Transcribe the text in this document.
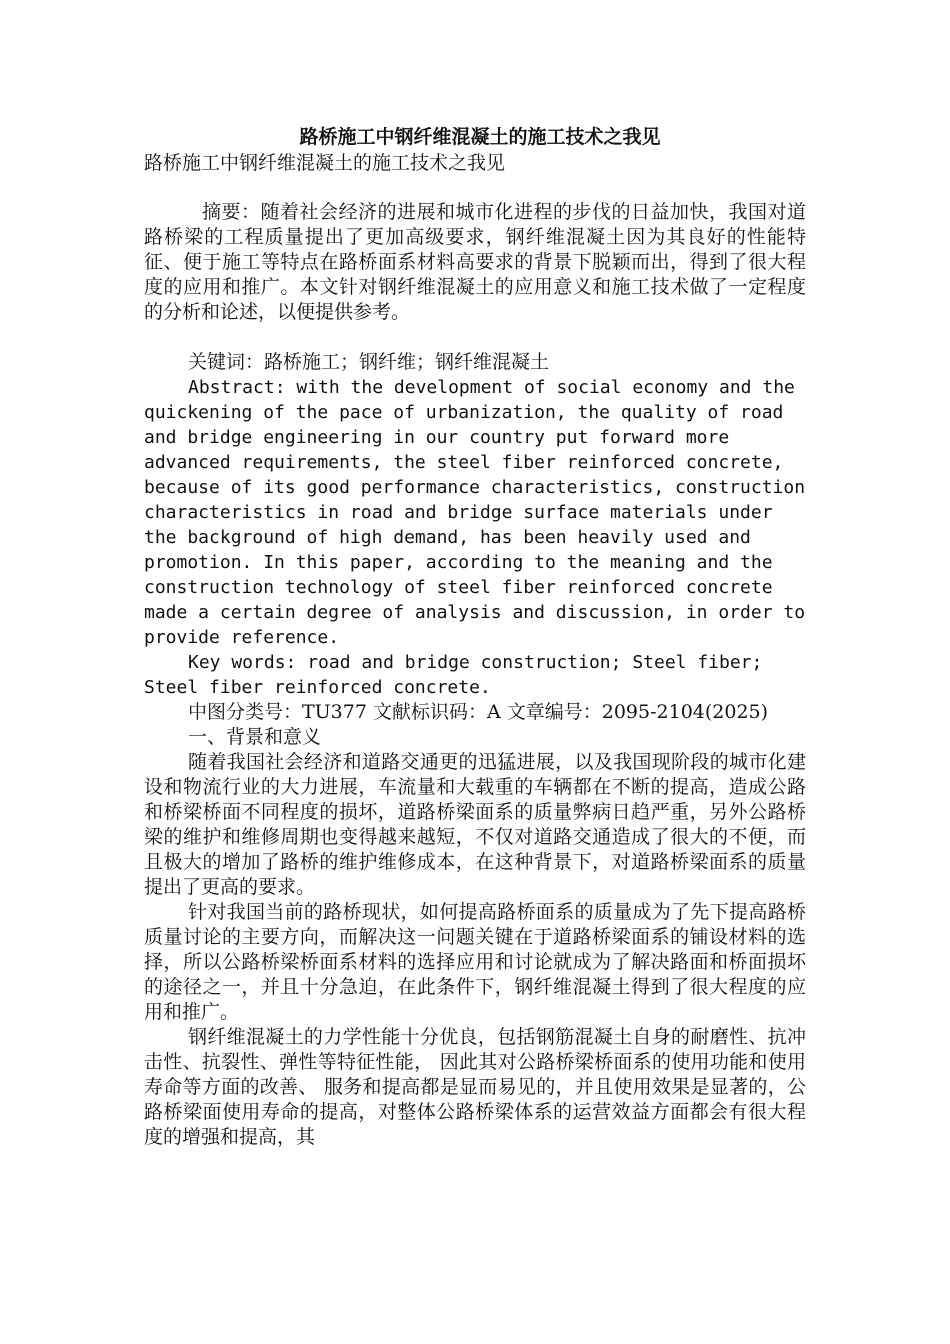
路桥施工中钢纤维混凝土的施工技术之我见

路桥施工中钢纤维混凝土的施工技术之我见

摘要：随着社会经济的进展和城市化进程的步伐的日益加快，我国对道路桥梁的工程质量提出了更加高级要求，钢纤维混凝土因为其良好的性能特征、便于施工等特点在路桥面系材料高要求的背景下脱颖而出，得到了很大程度的应用和推广。本文针对钢纤维混凝土的应用意义和施工技术做了一定程度的分析和论述，以便提供参考。

关键词：路桥施工；钢纤维；钢纤维混凝土

Abstract: with the development of social economy and the quickening of the pace of urbanization, the quality of road and bridge engineering in our country put forward more advanced requirements, the steel fiber reinforced concrete, because of its good performance characteristics, construction characteristics in road and bridge surface materials under the background of high demand, has been heavily used and promotion. In this paper, according to the meaning and the construction technology of steel fiber reinforced concrete made a certain degree of analysis and discussion, in order to provide reference.

Key words: road and bridge construction; Steel fiber; Steel fiber reinforced concrete.

中图分类号：TU377 文献标识码：A 文章编号：2095-2104(2025)

一、背景和意义

随着我国社会经济和道路交通更的迅猛进展，以及我国现阶段的城市化建设和物流行业的大力进展，车流量和大载重的车辆都在不断的提高，造成公路和桥梁桥面不同程度的损坏，道路桥梁面系的质量弊病日趋严重，另外公路桥梁的维护和维修周期也变得越来越短，不仅对道路交通造成了很大的不便，而且极大的增加了路桥的维护维修成本，在这种背景下，对道路桥梁面系的质量提出了更高的要求。

针对我国当前的路桥现状，如何提高路桥面系的质量成为了先下提高路桥质量讨论的主要方向，而解决这一问题关键在于道路桥梁面系的铺设材料的选择，所以公路桥梁桥面系材料的选择应用和讨论就成为了解决路面和桥面损坏的途径之一，并且十分急迫，在此条件下，钢纤维混凝土得到了很大程度的应用和推广。

钢纤维混凝土的力学性能十分优良，包括钢筋混凝土自身的耐磨性、抗冲击性、抗裂性、弹性等特征性能， 因此其对公路桥梁桥面系的使用功能和使用寿命等方面的改善、 服务和提高都是显而易见的，并且使用效果是显著的，公路桥梁面使用寿命的提高，对整体公路桥梁体系的运营效益方面都会有很大程度的增强和提高，其
